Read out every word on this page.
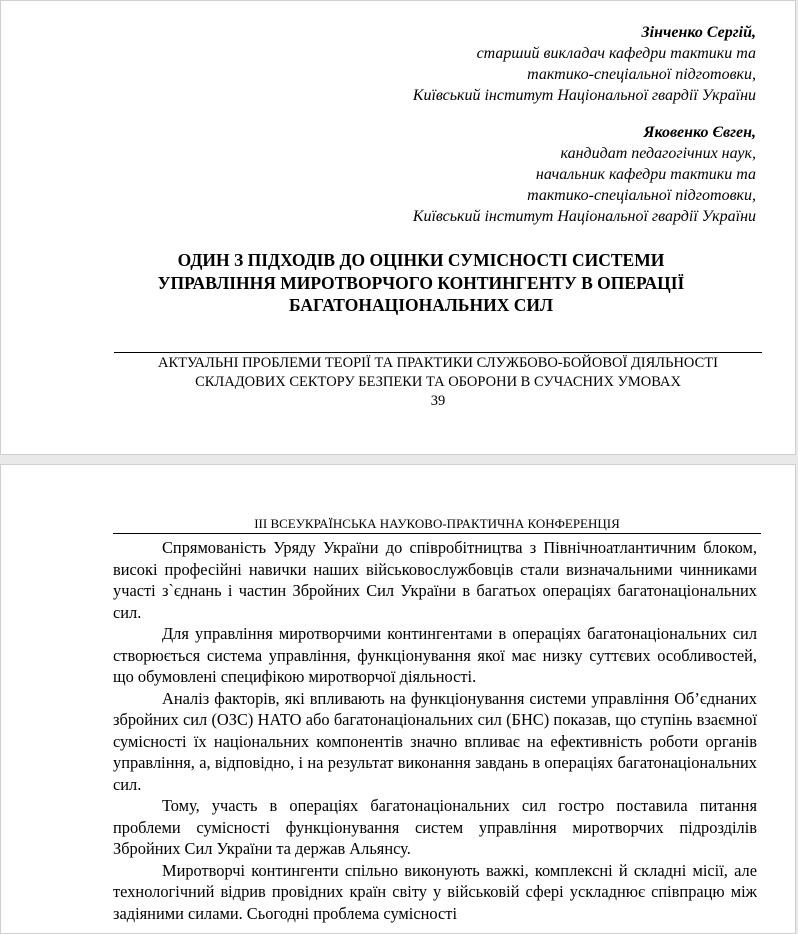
Зінченко Сергій,
старший викладач кафедри тактики та
тактико-спеціальної підготовки,
Київський інститут Національної гвардії України
Яковенко Євген,
кандидат педагогічних наук,
начальник кафедри тактики та
тактико-спеціальної підготовки,
Київський інститут Національної гвардії України
ОДИН З ПІДХОДІВ ДО ОЦІНКИ СУМІСНОСТІ СИСТЕМИ
УПРАВЛІННЯ МИРОТВОРЧОГО КОНТИНГЕНТУ В ОПЕРАЦІЇ
БАГАТОНАЦІОНАЛЬНИХ СИЛ
АКТУАЛЬНІ ПРОБЛЕМИ ТЕОРІЇ ТА ПРАКТИКИ СЛУЖБОВО-БОЙОВОЇ ДІЯЛЬНОСТІ
СКЛАДОВИХ СЕКТОРУ БЕЗПЕКИ ТА ОБОРОНИ В СУЧАСНИХ УМОВАХ
39
ІІІ ВСЕУКРАЇНСЬКА НАУКОВО-ПРАКТИЧНА КОНФЕРЕНЦІЯ

Спрямованість Уряду України до співробітництва з Північноатлантичним блоком, високі професійні навички наших військовослужбовців стали визначальними чинниками участі з`єднань і частин Збройних Сил України в багатьох операціях багатонаціональних сил.

Для управління миротворчими контингентами в операціях багатонаціональних сил створюється система управління, функціонування якої має низку суттєвих особливостей, що обумовлені специфікою миротворчої діяльності.

Аналіз факторів, які впливають на функціонування системи управління Об’єднаних збройних сил (ОЗС) НАТО або багатонаціональних сил (БНС) показав, що ступінь взаємної сумісності їх національних компонентів значно впливає на ефективність роботи органів управління, а, відповідно, і на результат виконання завдань в операціях багатонаціональних сил.

Тому, участь в операціях багатонаціональних сил гостро поставила питання проблеми сумісності функціонування систем управління миротворчих підрозділів Збройних Сил України та держав Альянсу.

Миротворчі контингенти спільно виконують важкі, комплексні й складні місії, але технологічний відрив провідних країн світу у військовій сфері ускладнює співпрацю між задіяними силами. Сьогодні проблема сумісності
